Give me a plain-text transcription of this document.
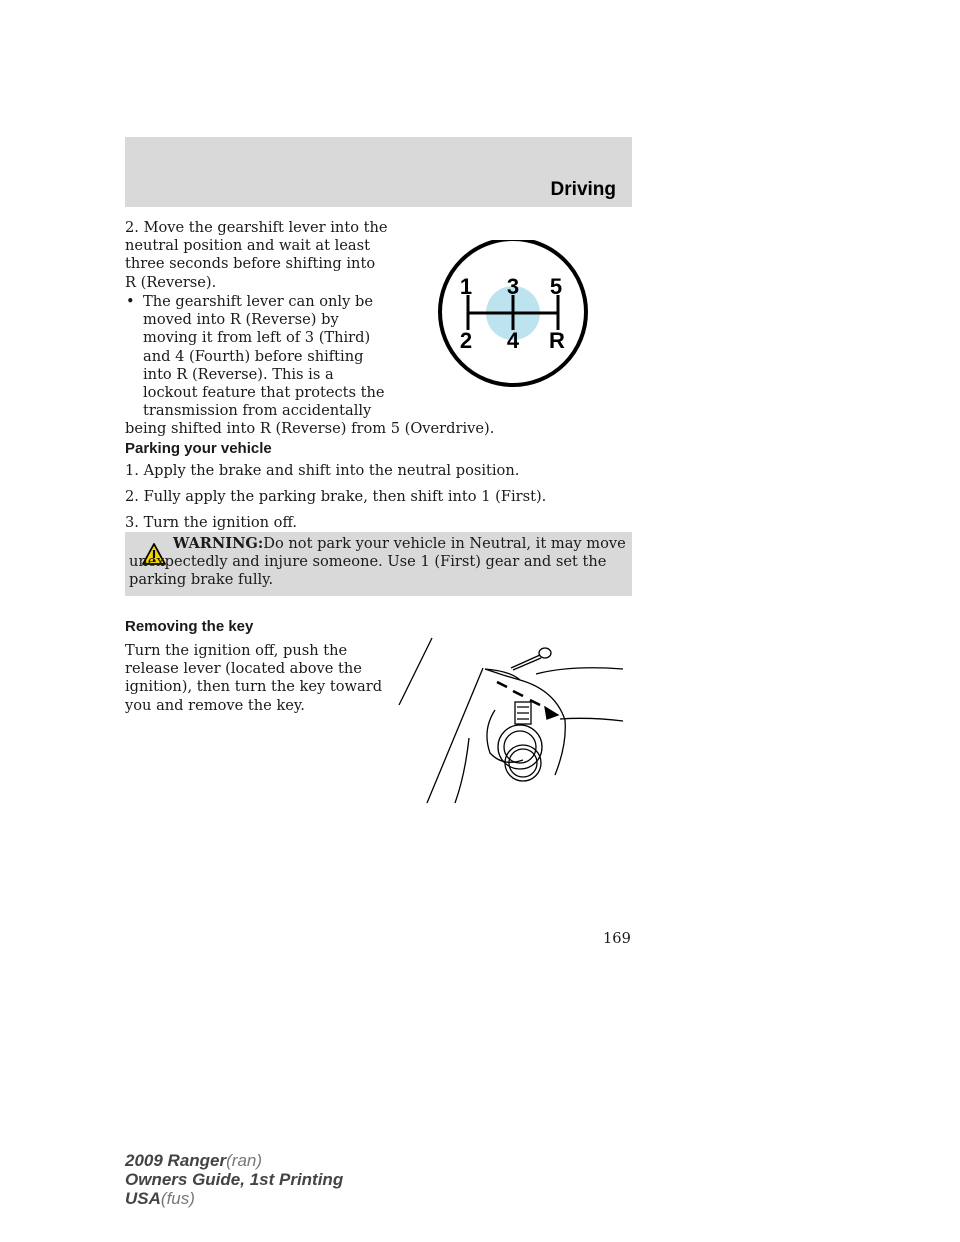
Driving
2. Move the gearshift lever into the neutral position and wait at least three seconds before shifting into R (Reverse).
• The gearshift lever can only be
moved into R (Reverse) by
moving it from left of 3 (Third)
and 4 (Fourth) before shifting
into R (Reverse). This is a
lockout feature that protects the
transmission from accidentally
being shifted into R (Reverse) from 5 (Overdrive).
1 3 5
2 4 R
Parking your vehicle

1. Apply the brake and shift into the neutral position.

2. Fully apply the parking brake, then shift into 1 (First).

3. Turn the ignition off.

WARNING:Do not park your vehicle in Neutral, it may move unexpectedly and injure someone. Use 1 (First) gear and set the parking brake fully.
Removing the key
Turn the ignition off, push the
release lever (located above the
ignition), then turn the key toward
you and remove the key.
169
2009 Ranger(ran)
Owners Guide, 1st Printing
USA(fus)
